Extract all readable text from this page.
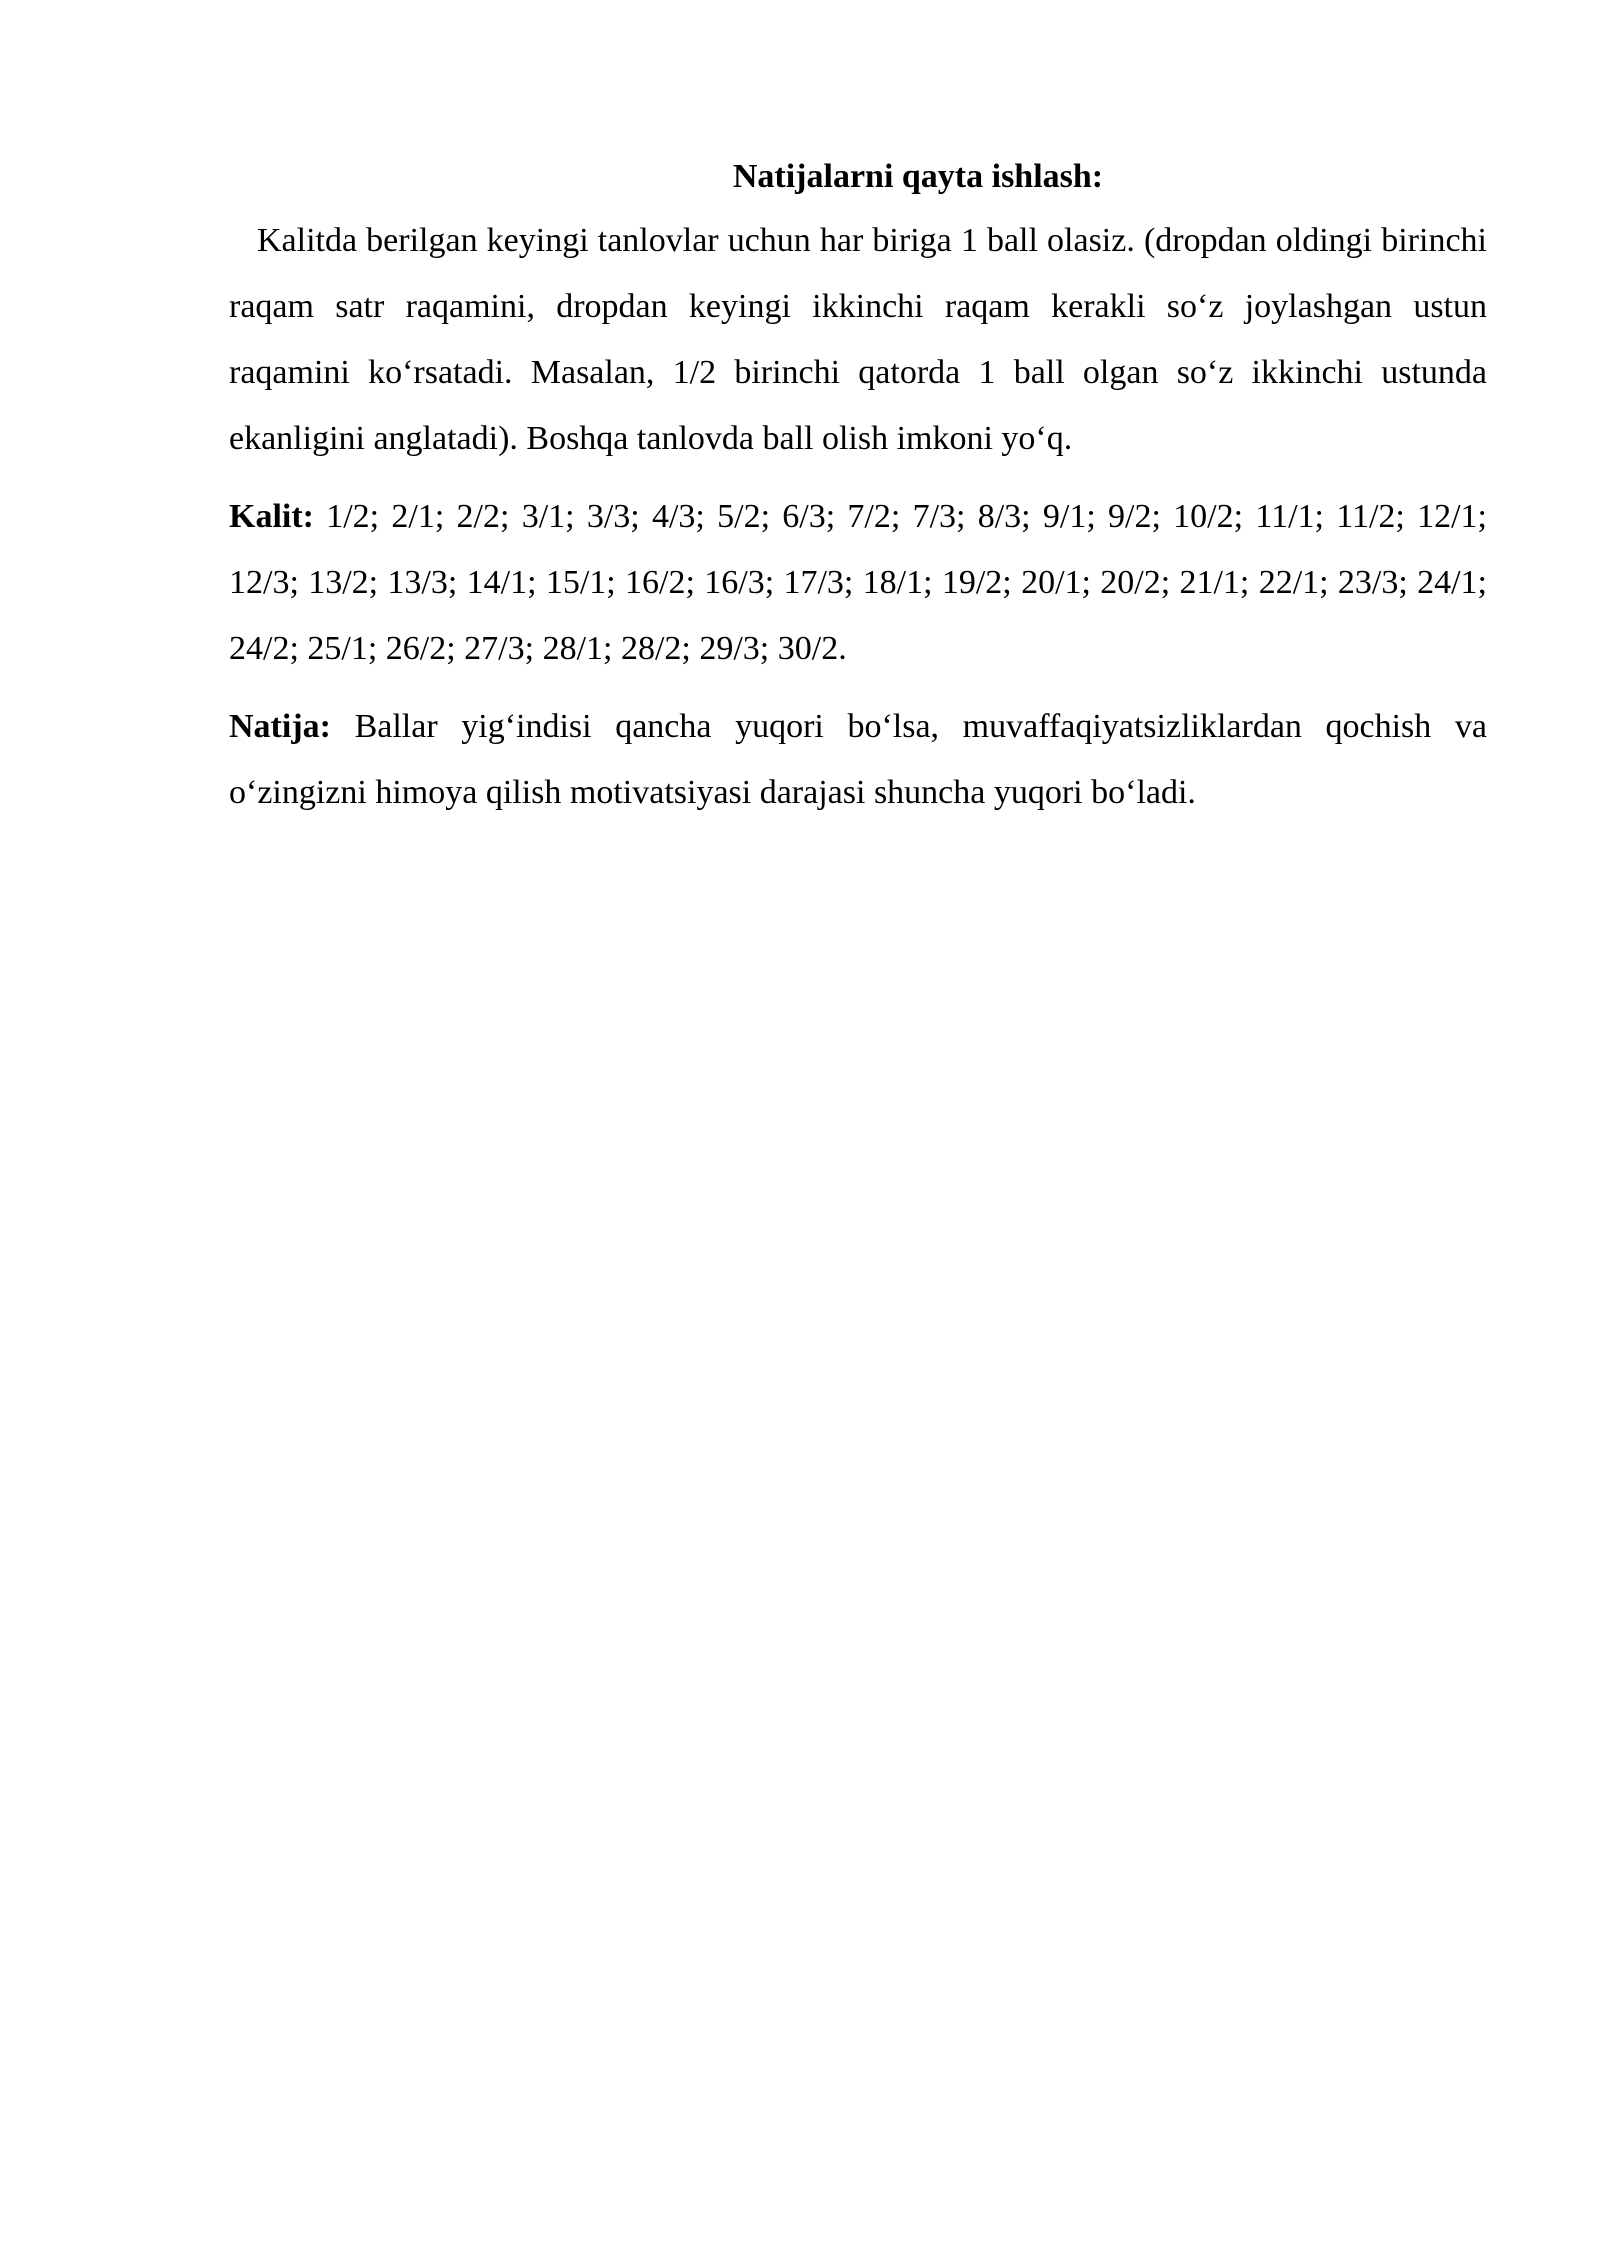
Natijalarni qayta ishlash:

Kalitda berilgan keyingi tanlovlar uchun har biriga 1 ball olasiz. (dropdan oldingi birinchi raqam satr raqamini, dropdan keyingi ikkinchi raqam kerakli so‘z joylashgan ustun raqamini ko‘rsatadi. Masalan, 1/2 birinchi qatorda 1 ball olgan so‘z ikkinchi ustunda ekanligini anglatadi). Boshqa tanlovda ball olish imkoni yo‘q.

Kalit: 1/2; 2/1; 2/2; 3/1; 3/3; 4/3; 5/2; 6/3; 7/2; 7/3; 8/3; 9/1; 9/2; 10/2; 11/1; 11/2; 12/1; 12/3; 13/2; 13/3; 14/1; 15/1; 16/2; 16/3; 17/3; 18/1; 19/2; 20/1; 20/2; 21/1; 22/1; 23/3; 24/1; 24/2; 25/1; 26/2; 27/3; 28/1; 28/2; 29/3; 30/2.

Natija: Ballar yig‘indisi qancha yuqori bo‘lsa, muvaffaqiyatsizliklardan qochish va o‘zingizni himoya qilish motivatsiyasi darajasi shuncha yuqori bo‘ladi.
